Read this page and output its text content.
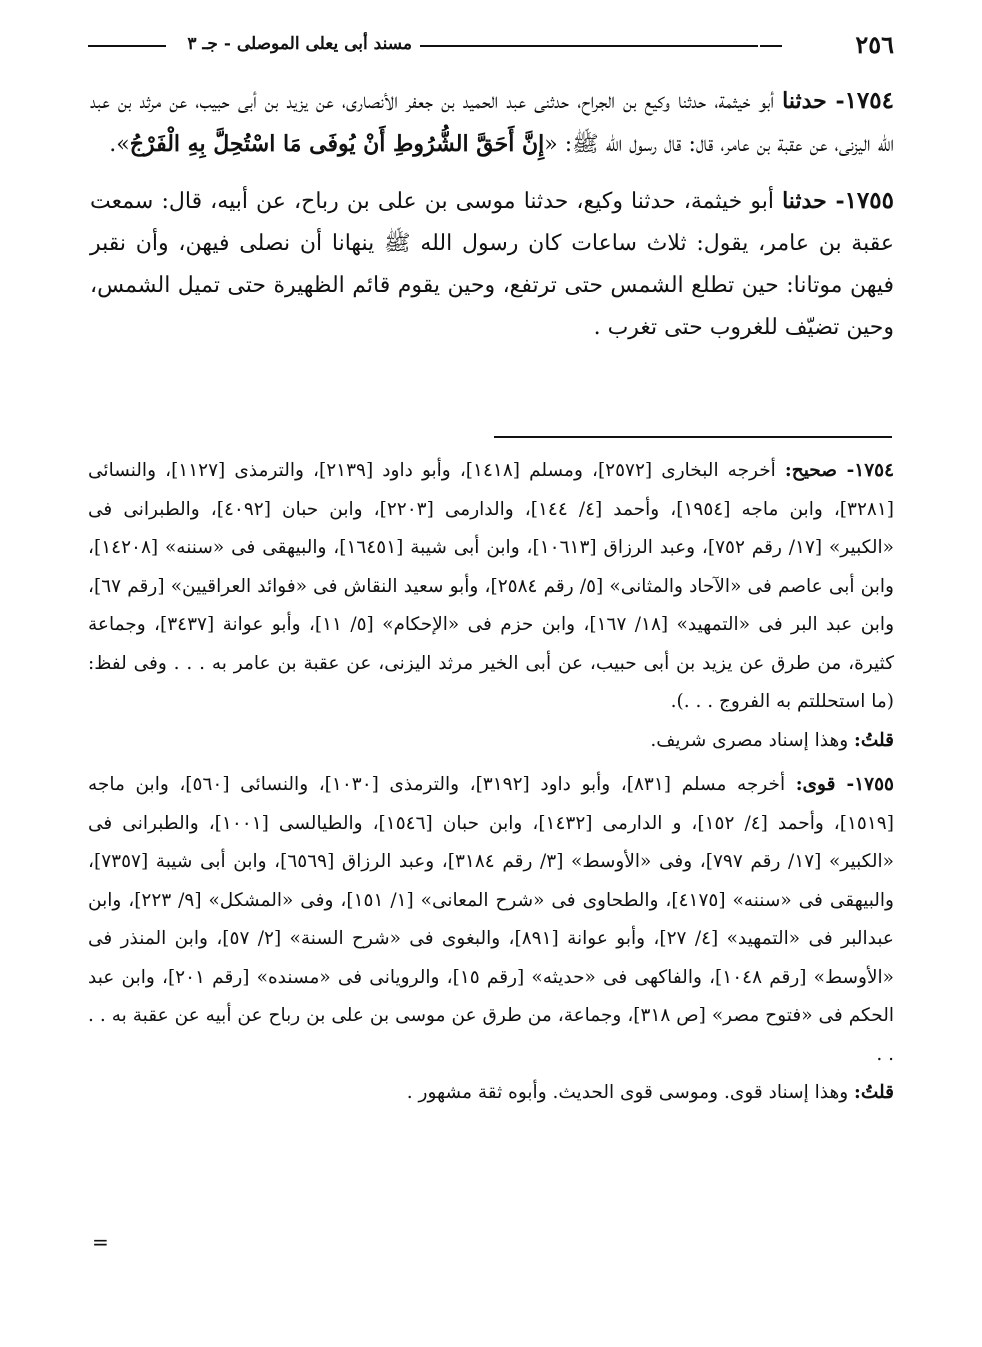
٢٥٦
مسند أبى يعلى الموصلى - جـ ٣

١٧٥٤- حدثنا أبو خيثمة، حدثنا وكيع بن الجراح، حدثنى عبد الحميد بن جعفر الأنصارى، عن يزيد بن أبى حبيب، عن مرثد بن عبد الله اليزنى، عن عقبة بن عامر، قال: قال رسول الله ﷺ: «إِنَّ أَحَقَّ الشُّرُوطِ أَنْ يُوفَى مَا اسْتُحِلَّ بِهِ الْفَرْجُ».

١٧٥٥- حدثنا أبو خيثمة، حدثنا وكيع، حدثنا موسى بن على بن رباح، عن أبيه، قال: سمعت عقبة بن عامر، يقول: ثلاث ساعات كان رسول الله ﷺ ينهانا أن نصلى فيهن، وأن نقبر فيهن موتانا: حين تطلع الشمس حتى ترتفع، وحين يقوم قائم الظهيرة حتى تميل الشمس، وحين تضيّف للغروب حتى تغرب .

١٧٥٤- صحيح: أخرجه البخارى [٢٥٧٢]، ومسلم [١٤١٨]، وأبو داود [٢١٣٩]، والترمذى [١١٢٧]، والنسائى [٣٢٨١]، وابن ماجه [١٩٥٤]، وأحمد [٤/ ١٤٤]، والدارمى [٢٢٠٣]، وابن حبان [٤٠٩٢]، والطبرانى فى «الكبير» [١٧/ رقم ٧٥٢]، وعبد الرزاق [١٠٦١٣]، وابن أبى شيبة [١٦٤٥١]، والبيهقى فى «سننه» [١٤٢٠٨]، وابن أبى عاصم فى «الآحاد والمثانى» [٥/ رقم ٢٥٨٤]، وأبو سعيد النقاش فى «فوائد العراقيين» [رقم ٦٧]، وابن عبد البر فى «التمهيد» [١٨/ ١٦٧]، وابن حزم فى «الإحكام» [٥/ ١١]، وأبو عوانة [٣٤٣٧]، وجماعة كثيرة، من طرق عن يزيد بن أبى حبيب، عن أبى الخير مرثد اليزنى، عن عقبة بن عامر به . . . وفى لفظ: (ما استحللتم به الفروج . . .).

قلتُ: وهذا إسناد مصرى شريف.

١٧٥٥- قوى: أخرجه مسلم [٨٣١]، وأبو داود [٣١٩٢]، والترمذى [١٠٣٠]، والنسائى [٥٦٠]، وابن ماجه [١٥١٩]، وأحمد [٤/ ١٥٢]، و الدارمى [١٤٣٢]، وابن حبان [١٥٤٦]، والطيالسى [١٠٠١]، والطبرانى فى «الكبير» [١٧/ رقم ٧٩٧]، وفى «الأوسط» [٣/ رقم ٣١٨٤]، وعبد الرزاق [٦٥٦٩]، وابن أبى شيبة [٧٣٥٧]، والبيهقى فى «سننه» [٤١٧٥]، والطحاوى فى «شرح المعانى» [١/ ١٥١]، وفى «المشكل» [٩/ ٢٢٣]، وابن عبدالبر فى «التمهيد» [٤/ ٢٧]، وأبو عوانة [٨٩١]، والبغوى فى «شرح السنة» [٢/ ٥٧]، وابن المنذر فى «الأوسط» [رقم ١٠٤٨]، والفاكهى فى «حديثه» [رقم ١٥]، والرويانى فى «مسنده» [رقم ٢٠١]، وابن عبد الحكم فى «فتوح مصر» [ص ٣١٨]، وجماعة، من طرق عن موسى بن على بن رباح عن أبيه عن عقبة به . . . .

قلتُ: وهذا إسناد قوى. وموسى قوى الحديث. وأبوه ثقة مشهور .

=
